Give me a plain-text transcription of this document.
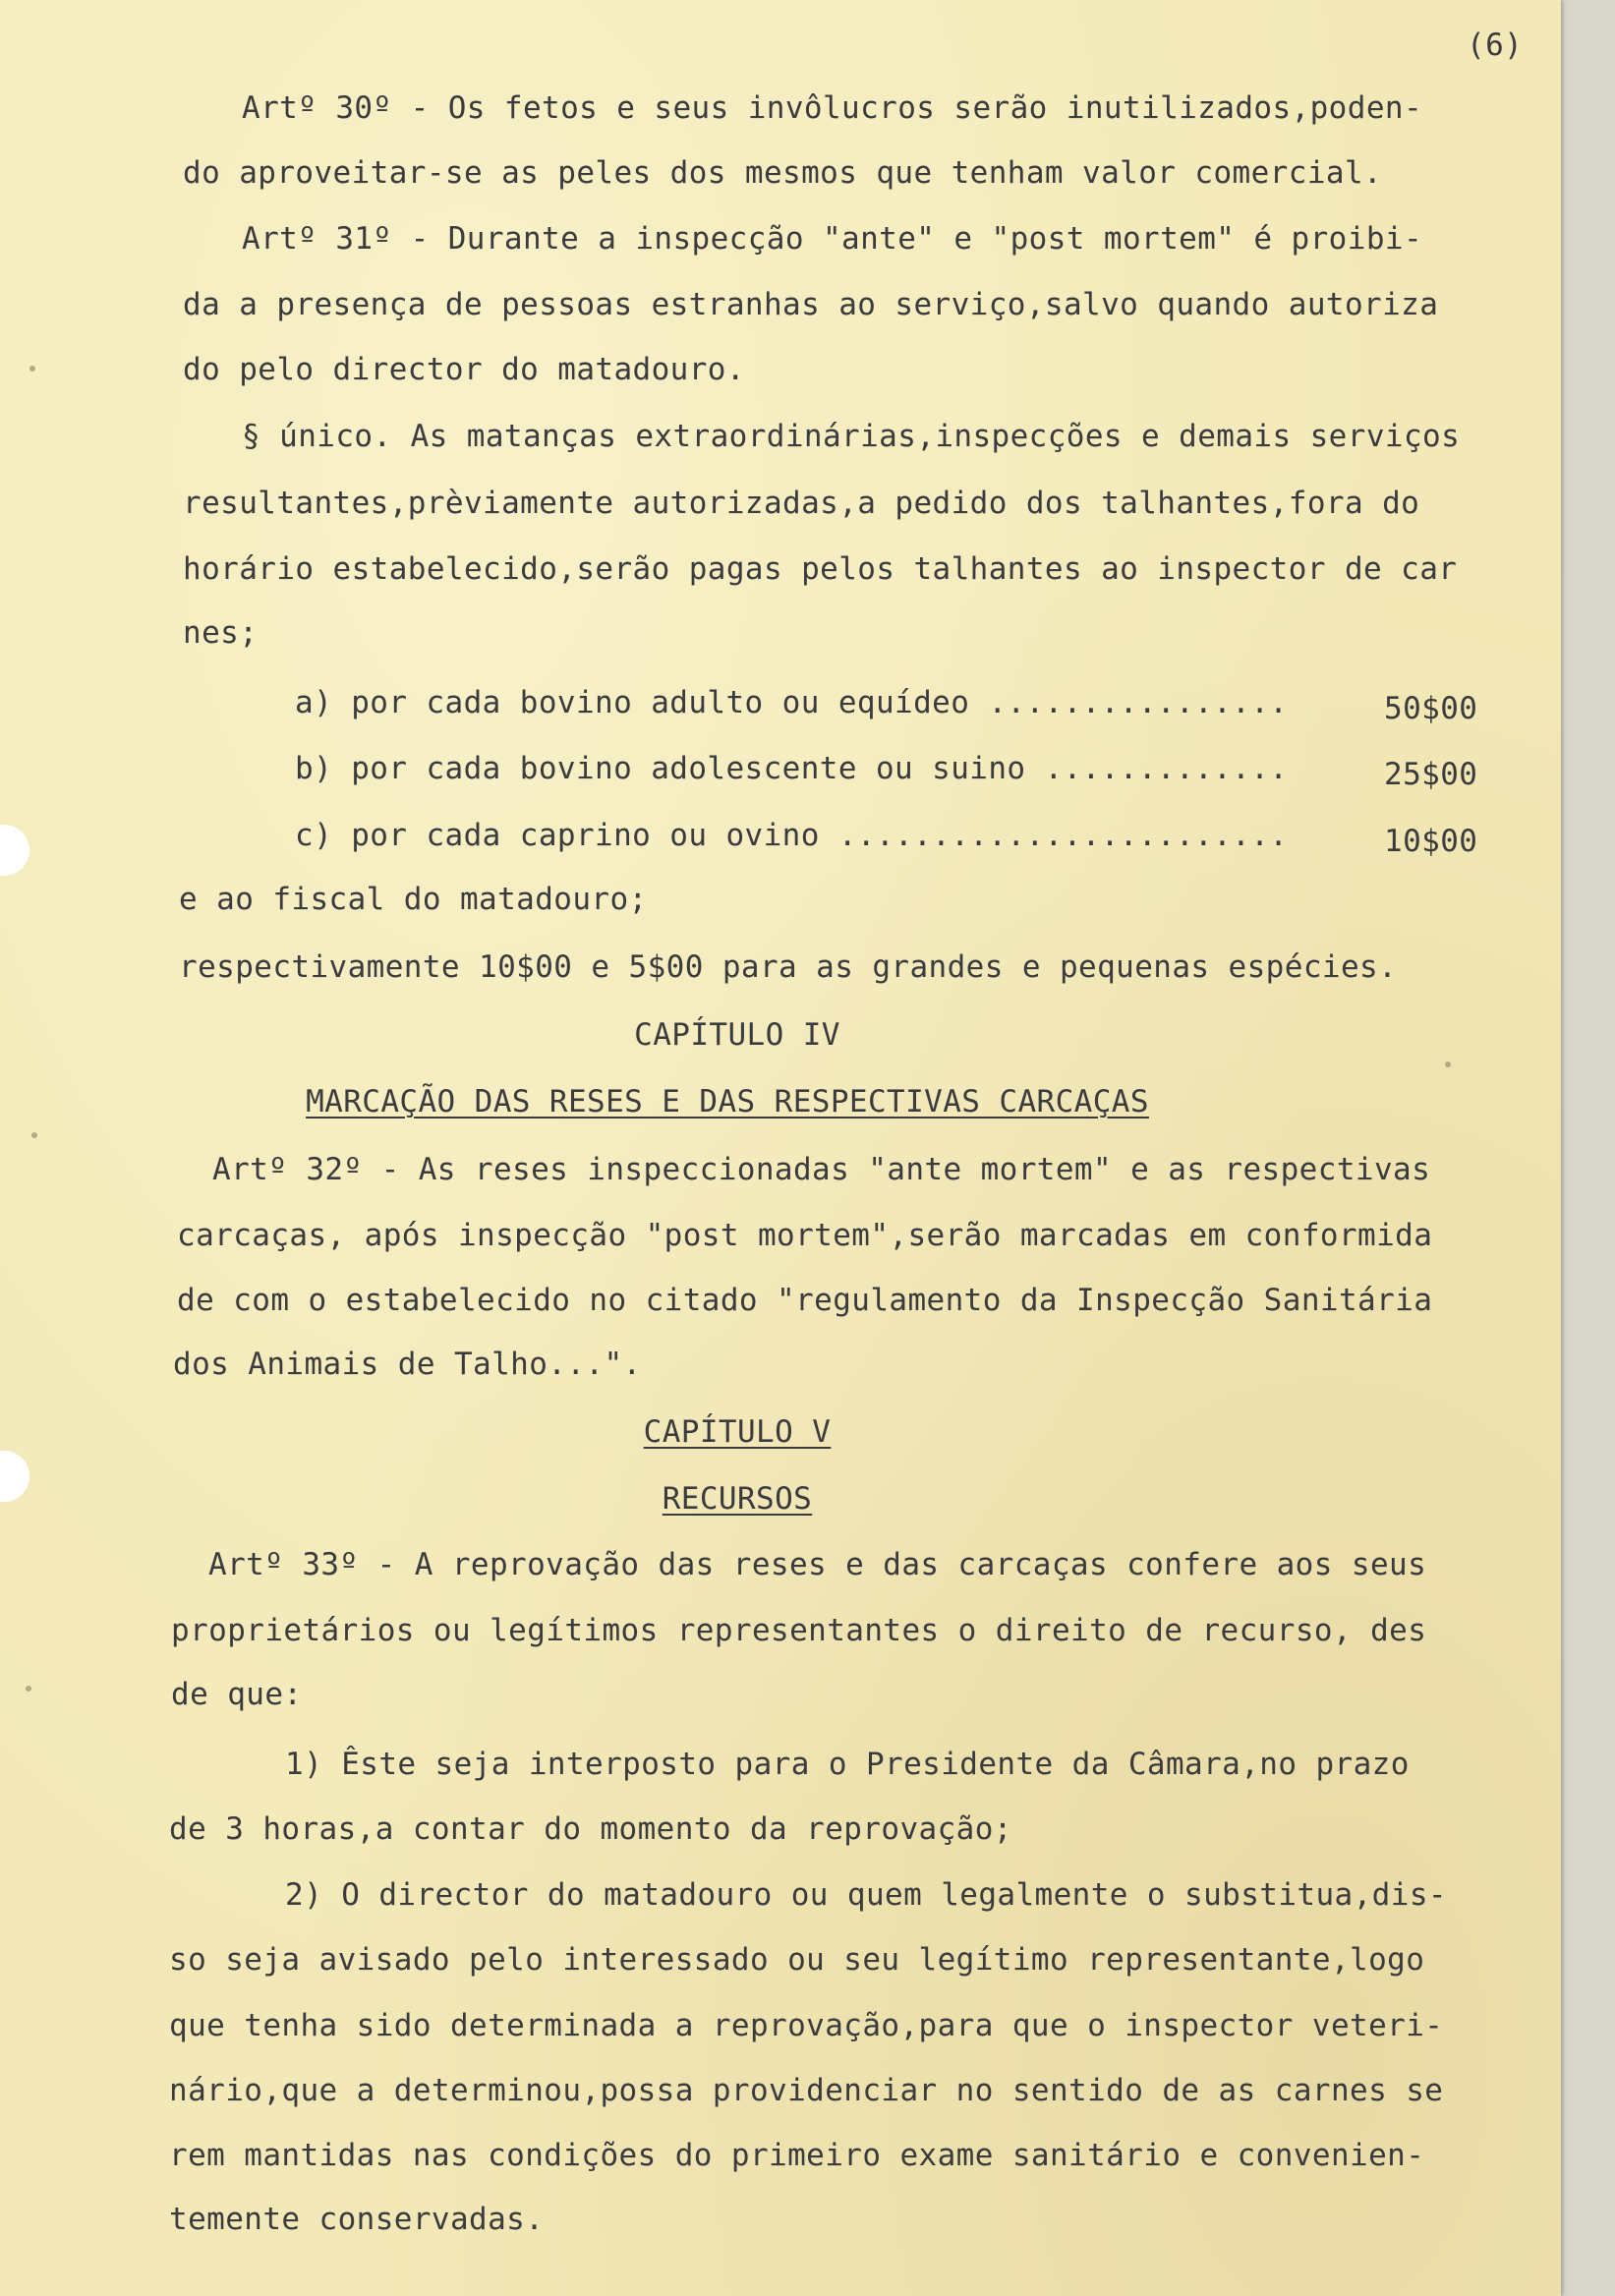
(6)

Artº 30º - Os fetos e seus invôlucros serão inutilizados,poden-

do aproveitar-se as peles dos mesmos que tenham valor comercial.

Artº 31º - Durante a inspecção "ante" e "post mortem" é proibi-

da a presença de pessoas estranhas ao serviço,salvo quando autoriza

do pelo director do matadouro.

§ único. As matanças extraordinárias,inspecções e demais serviços

resultantes,prèviamente autorizadas,a pedido dos talhantes,fora do

horário estabelecido,serão pagas pelos talhantes ao inspector de car

nes;

a) por cada bovino adulto ou equídeo ................	50$00

b) por cada bovino adolescente ou suino .............	25$00

c) por cada caprino ou ovino ........................	10$00

e ao fiscal do matadouro;

respectivamente 10$00 e 5$00 para as grandes e pequenas espécies.

CAPÍTULO IV

MARCAÇÃO DAS RESES E DAS RESPECTIVAS CARCAÇAS

Artº 32º - As reses inspeccionadas "ante mortem" e as respectivas

carcaças, após inspecção "post mortem",serão marcadas em conformida

de com o estabelecido no citado "regulamento da Inspecção Sanitária

dos Animais de Talho...".

CAPÍTULO V

RECURSOS

Artº 33º - A reprovação das reses e das carcaças confere aos seus

proprietários ou legítimos representantes o direito de recurso, des

de que:

1) Êste seja interposto para o Presidente da Câmara,no prazo

de 3 horas,a contar do momento da reprovação;

2) O director do matadouro ou quem legalmente o substitua,dis-

so seja avisado pelo interessado ou seu legítimo representante,logo

que tenha sido determinada a reprovação,para que o inspector veteri-

nário,que a determinou,possa providenciar no sentido de as carnes se

rem mantidas nas condições do primeiro exame sanitário e convenien-

temente conservadas.
